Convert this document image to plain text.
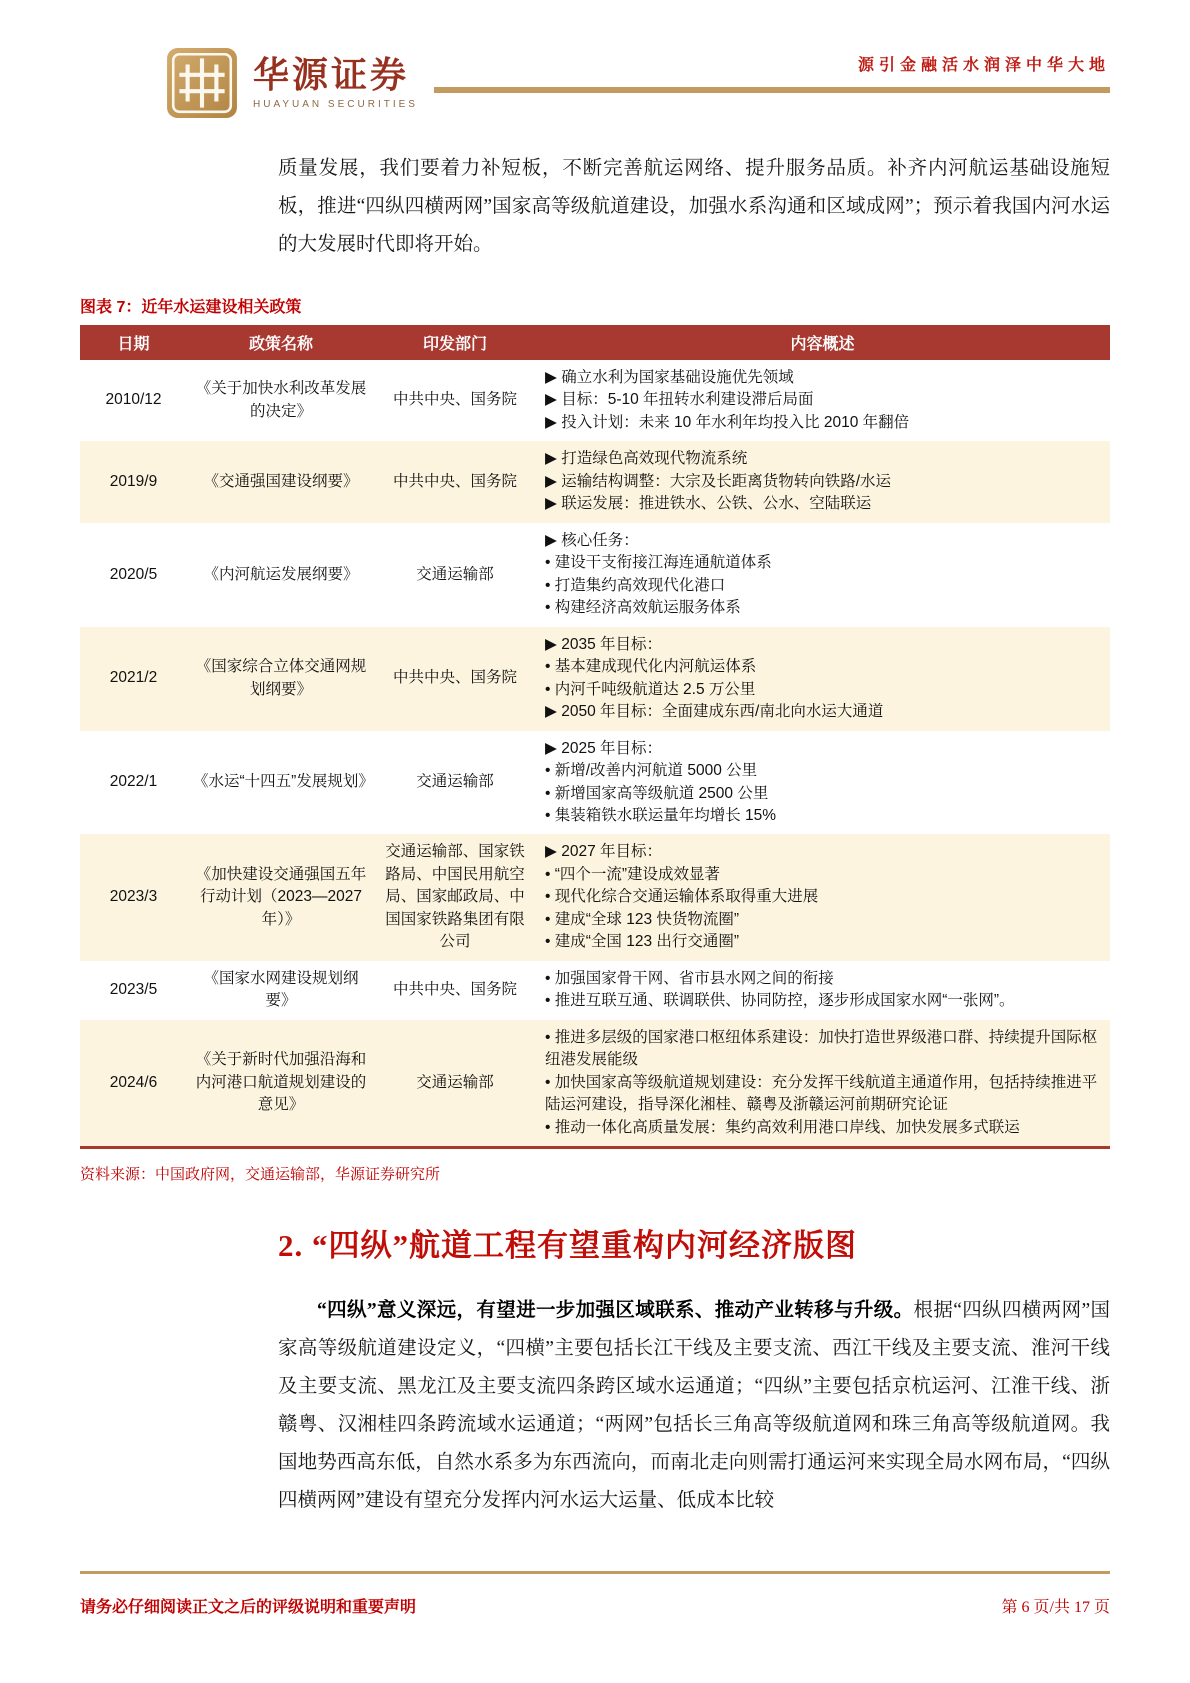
华源证券
HUAYUAN SECURITIES
源引金融活水润泽中华大地

质量发展，我们要着力补短板，不断完善航运网络、提升服务品质。补齐内河航运基础设施短板，推进“四纵四横两网”国家高等级航道建设，加强水系沟通和区域成网”；预示着我国内河水运的大发展时代即将开始。

图表 7：近年水运建设相关政策
日期	政策名称	印发部门	内容概述
2010/12	《关于加快水利改革发展的决定》	中共中央、国务院	▶ 确立水利为国家基础设施优先领域
▶ 目标：5-10 年扭转水利建设滞后局面
▶ 投入计划：未来 10 年水利年均投入比 2010 年翻倍

2019/9	《交通强国建设纲要》	中共中央、国务院	▶ 打造绿色高效现代物流系统
▶ 运输结构调整：大宗及长距离货物转向铁路/水运
▶ 联运发展：推进铁水、公铁、公水、空陆联运

2020/5	《内河航运发展纲要》	交通运输部	▶ 核心任务：
• 建设干支衔接江海连通航道体系
• 打造集约高效现代化港口
• 构建经济高效航运服务体系

2021/2	《国家综合立体交通网规划纲要》	中共中央、国务院	▶ 2035 年目标：
• 基本建成现代化内河航运体系
• 内河千吨级航道达 2.5 万公里
▶ 2050 年目标：全面建成东西/南北向水运大通道

2022/1	《水运“十四五”发展规划》	交通运输部	▶ 2025 年目标：
• 新增/改善内河航道 5000 公里
• 新增国家高等级航道 2500 公里
• 集装箱铁水联运量年均增长 15%

2023/3	《加快建设交通强国五年行动计划（2023—2027 年）》	交通运输部、国家铁路局、中国民用航空局、国家邮政局、中国国家铁路集团有限公司	▶ 2027 年目标：
• “四个一流”建设成效显著
• 现代化综合交通运输体系取得重大进展
• 建成“全球 123 快货物流圈”
• 建成“全国 123 出行交通圈”

2023/5	《国家水网建设规划纲要》	中共中央、国务院	• 加强国家骨干网、省市县水网之间的衔接
• 推进互联互通、联调联供、协同防控，逐步形成国家水网“一张网”。

2024/6	《关于新时代加强沿海和内河港口航道规划建设的意见》	交通运输部	• 推进多层级的国家港口枢纽体系建设：加快打造世界级港口群、持续提升国际枢纽港发展能级
• 加快国家高等级航道规划建设：充分发挥干线航道主通道作用，包括持续推进平陆运河建设，指导深化湘桂、赣粤及浙赣运河前期研究论证
• 推动一体化高质量发展：集约高效利用港口岸线、加快发展多式联运
资料来源：中国政府网，交通运输部，华源证券研究所
2. “四纵”航道工程有望重构内河经济版图

“四纵”意义深远，有望进一步加强区域联系、推动产业转移与升级。根据“四纵四横两网”国家高等级航道建设定义，“四横”主要包括长江干线及主要支流、西江干线及主要支流、淮河干线及主要支流、黑龙江及主要支流四条跨区域水运通道；“四纵”主要包括京杭运河、江淮干线、浙赣粤、汉湘桂四条跨流域水运通道；“两网”包括长三角高等级航道网和珠三角高等级航道网。我国地势西高东低，自然水系多为东西流向，而南北走向则需打通运河来实现全局水网布局，“四纵四横两网”建设有望充分发挥内河水运大运量、低成本比较

请务必仔细阅读正文之后的评级说明和重要声明	第 6 页/共 17 页
